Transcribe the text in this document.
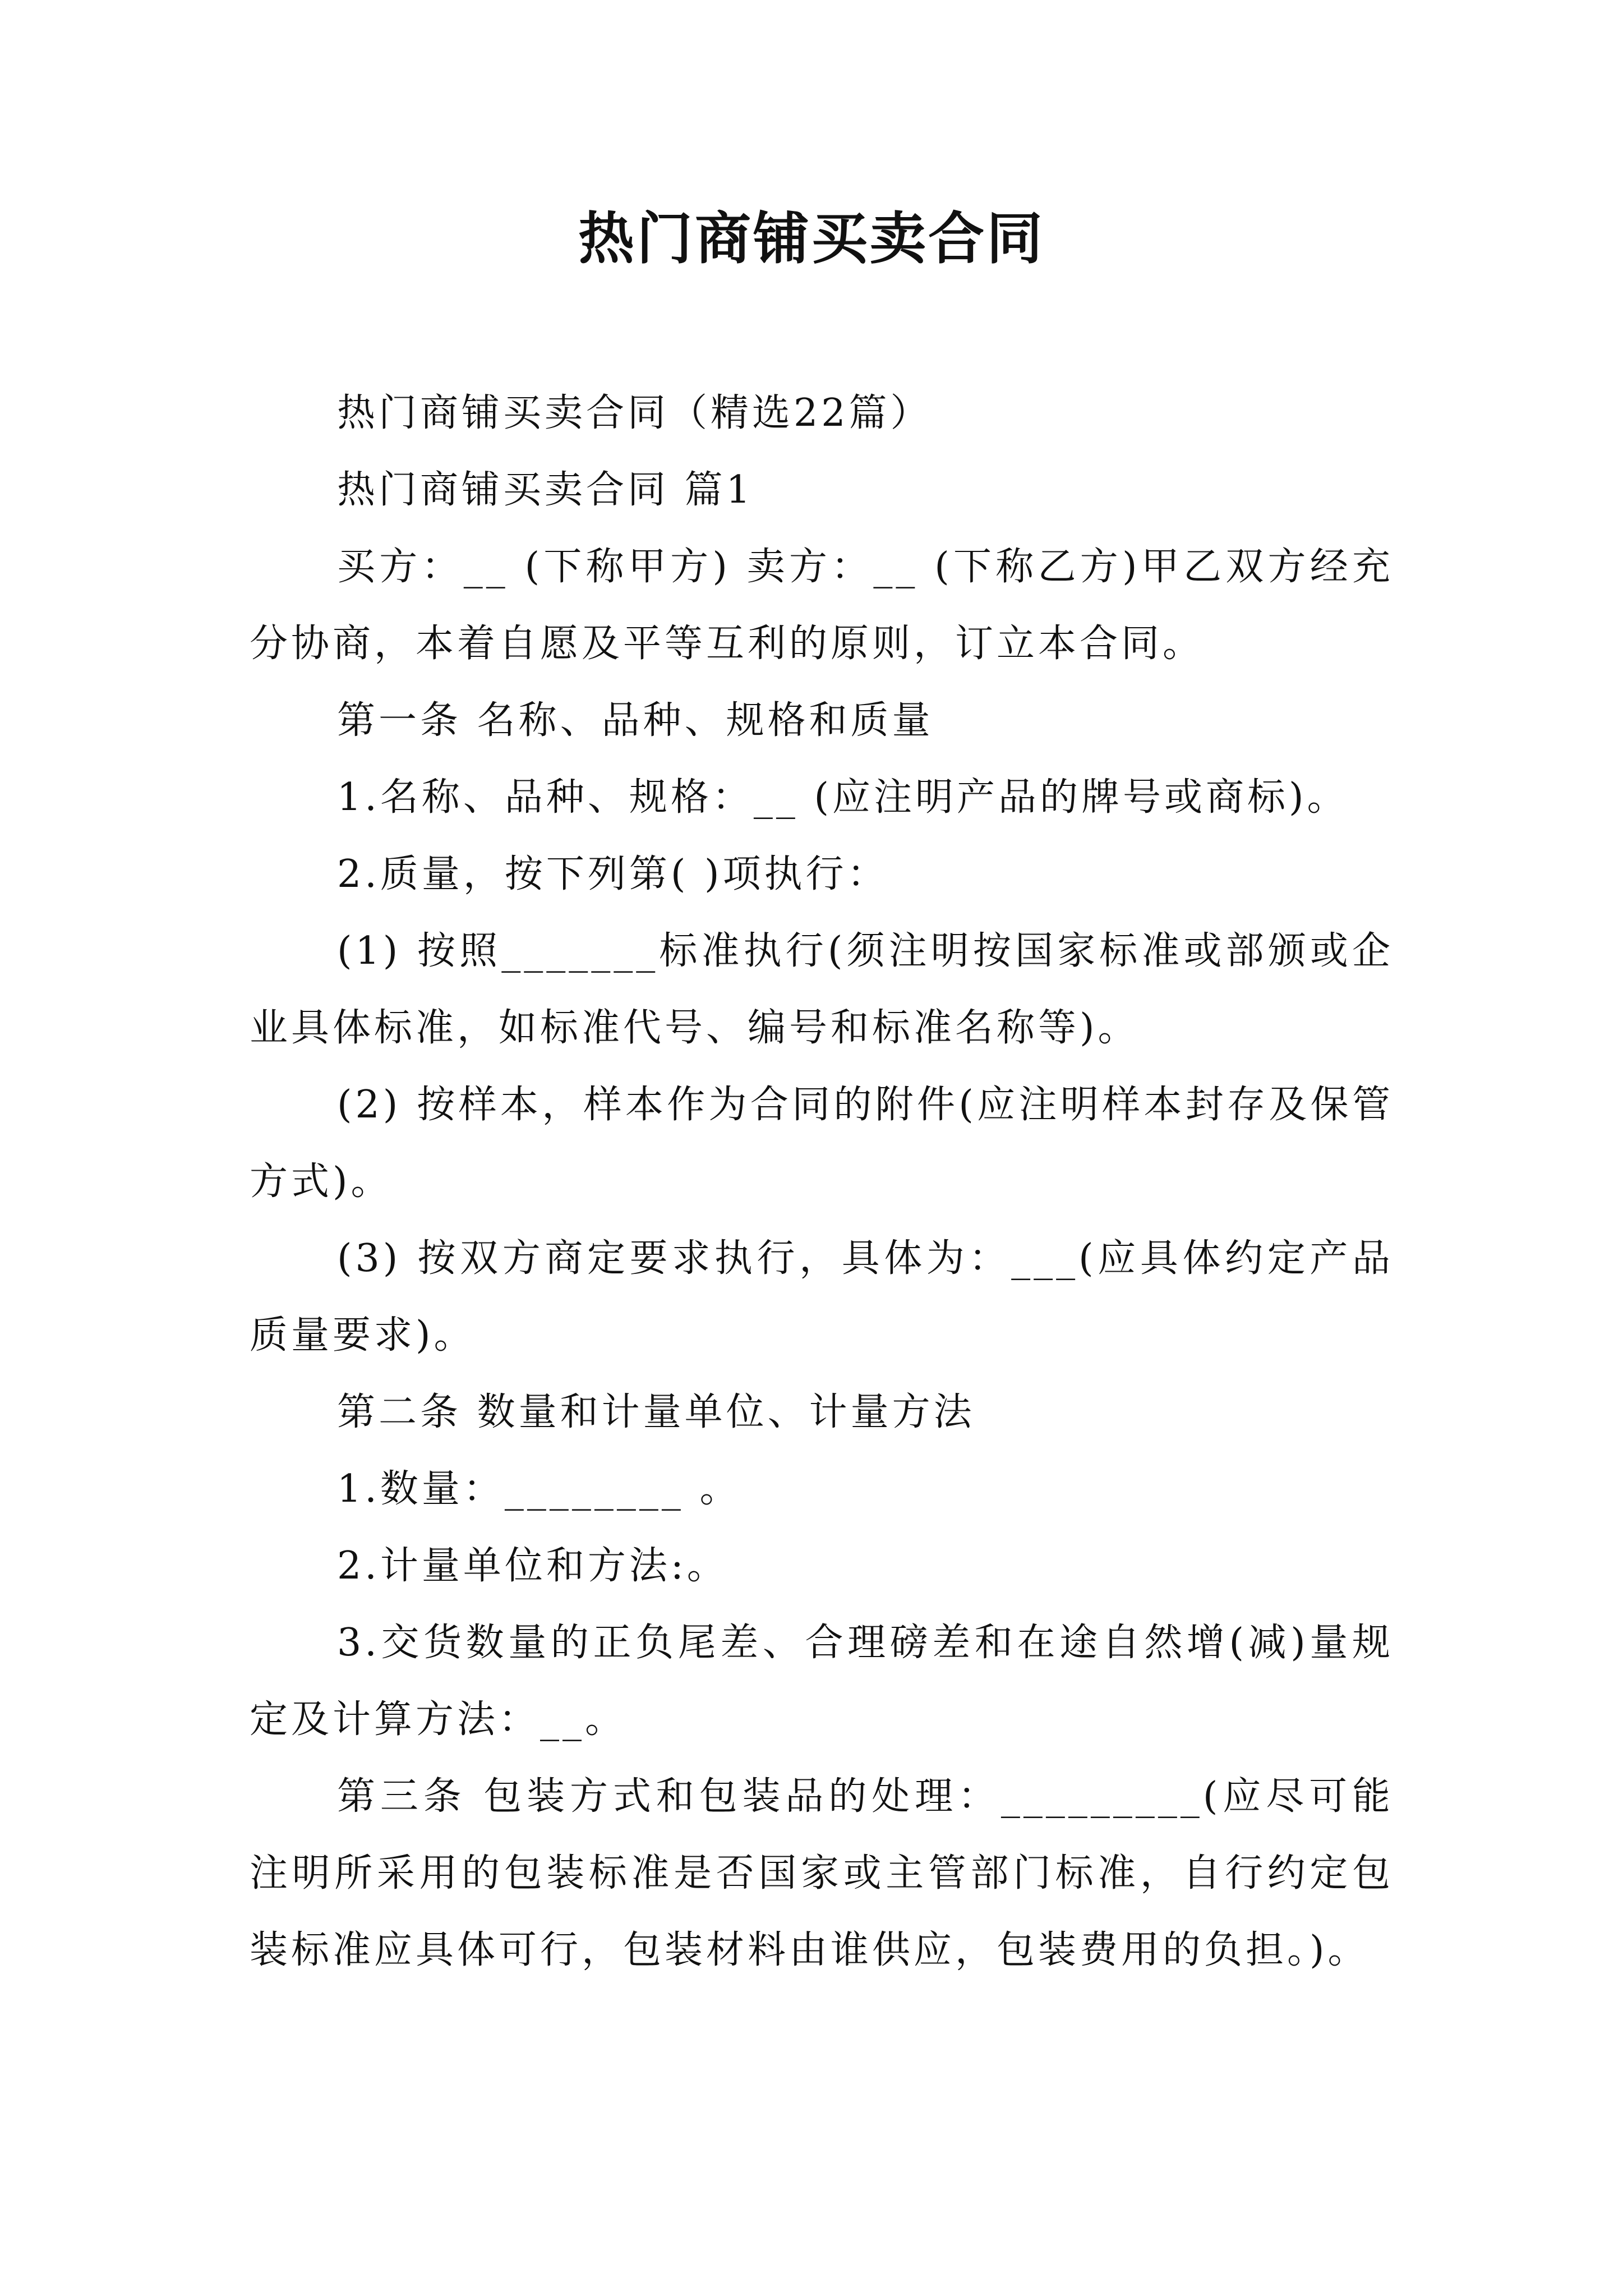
热门商铺买卖合同

热门商铺买卖合同（精选22篇）

热门商铺买卖合同 篇1

买方：__ (下称甲方) 卖方：__ (下称乙方)甲乙双方经充分协商，本着自愿及平等互利的原则，订立本合同。

第一条 名称、品种、规格和质量

1.名称、品种、规格：__ (应注明产品的牌号或商标)。

2.质量，按下列第( )项执行：

(1) 按照_______标准执行(须注明按国家标准或部颁或企业具体标准，如标准代号、编号和标准名称等)。

(2) 按样本，样本作为合同的附件(应注明样本封存及保管方式)。

(3) 按双方商定要求执行，具体为：___(应具体约定产品质量要求)。

第二条 数量和计量单位、计量方法

1.数量：________ 。

2.计量单位和方法:。

3.交货数量的正负尾差、合理磅差和在途自然增(减)量规定及计算方法：__。

第三条 包装方式和包装品的处理：_________(应尽可能注明所采用的包装标准是否国家或主管部门标准，自行约定包装标准应具体可行，包装材料由谁供应，包装费用的负担。)。
